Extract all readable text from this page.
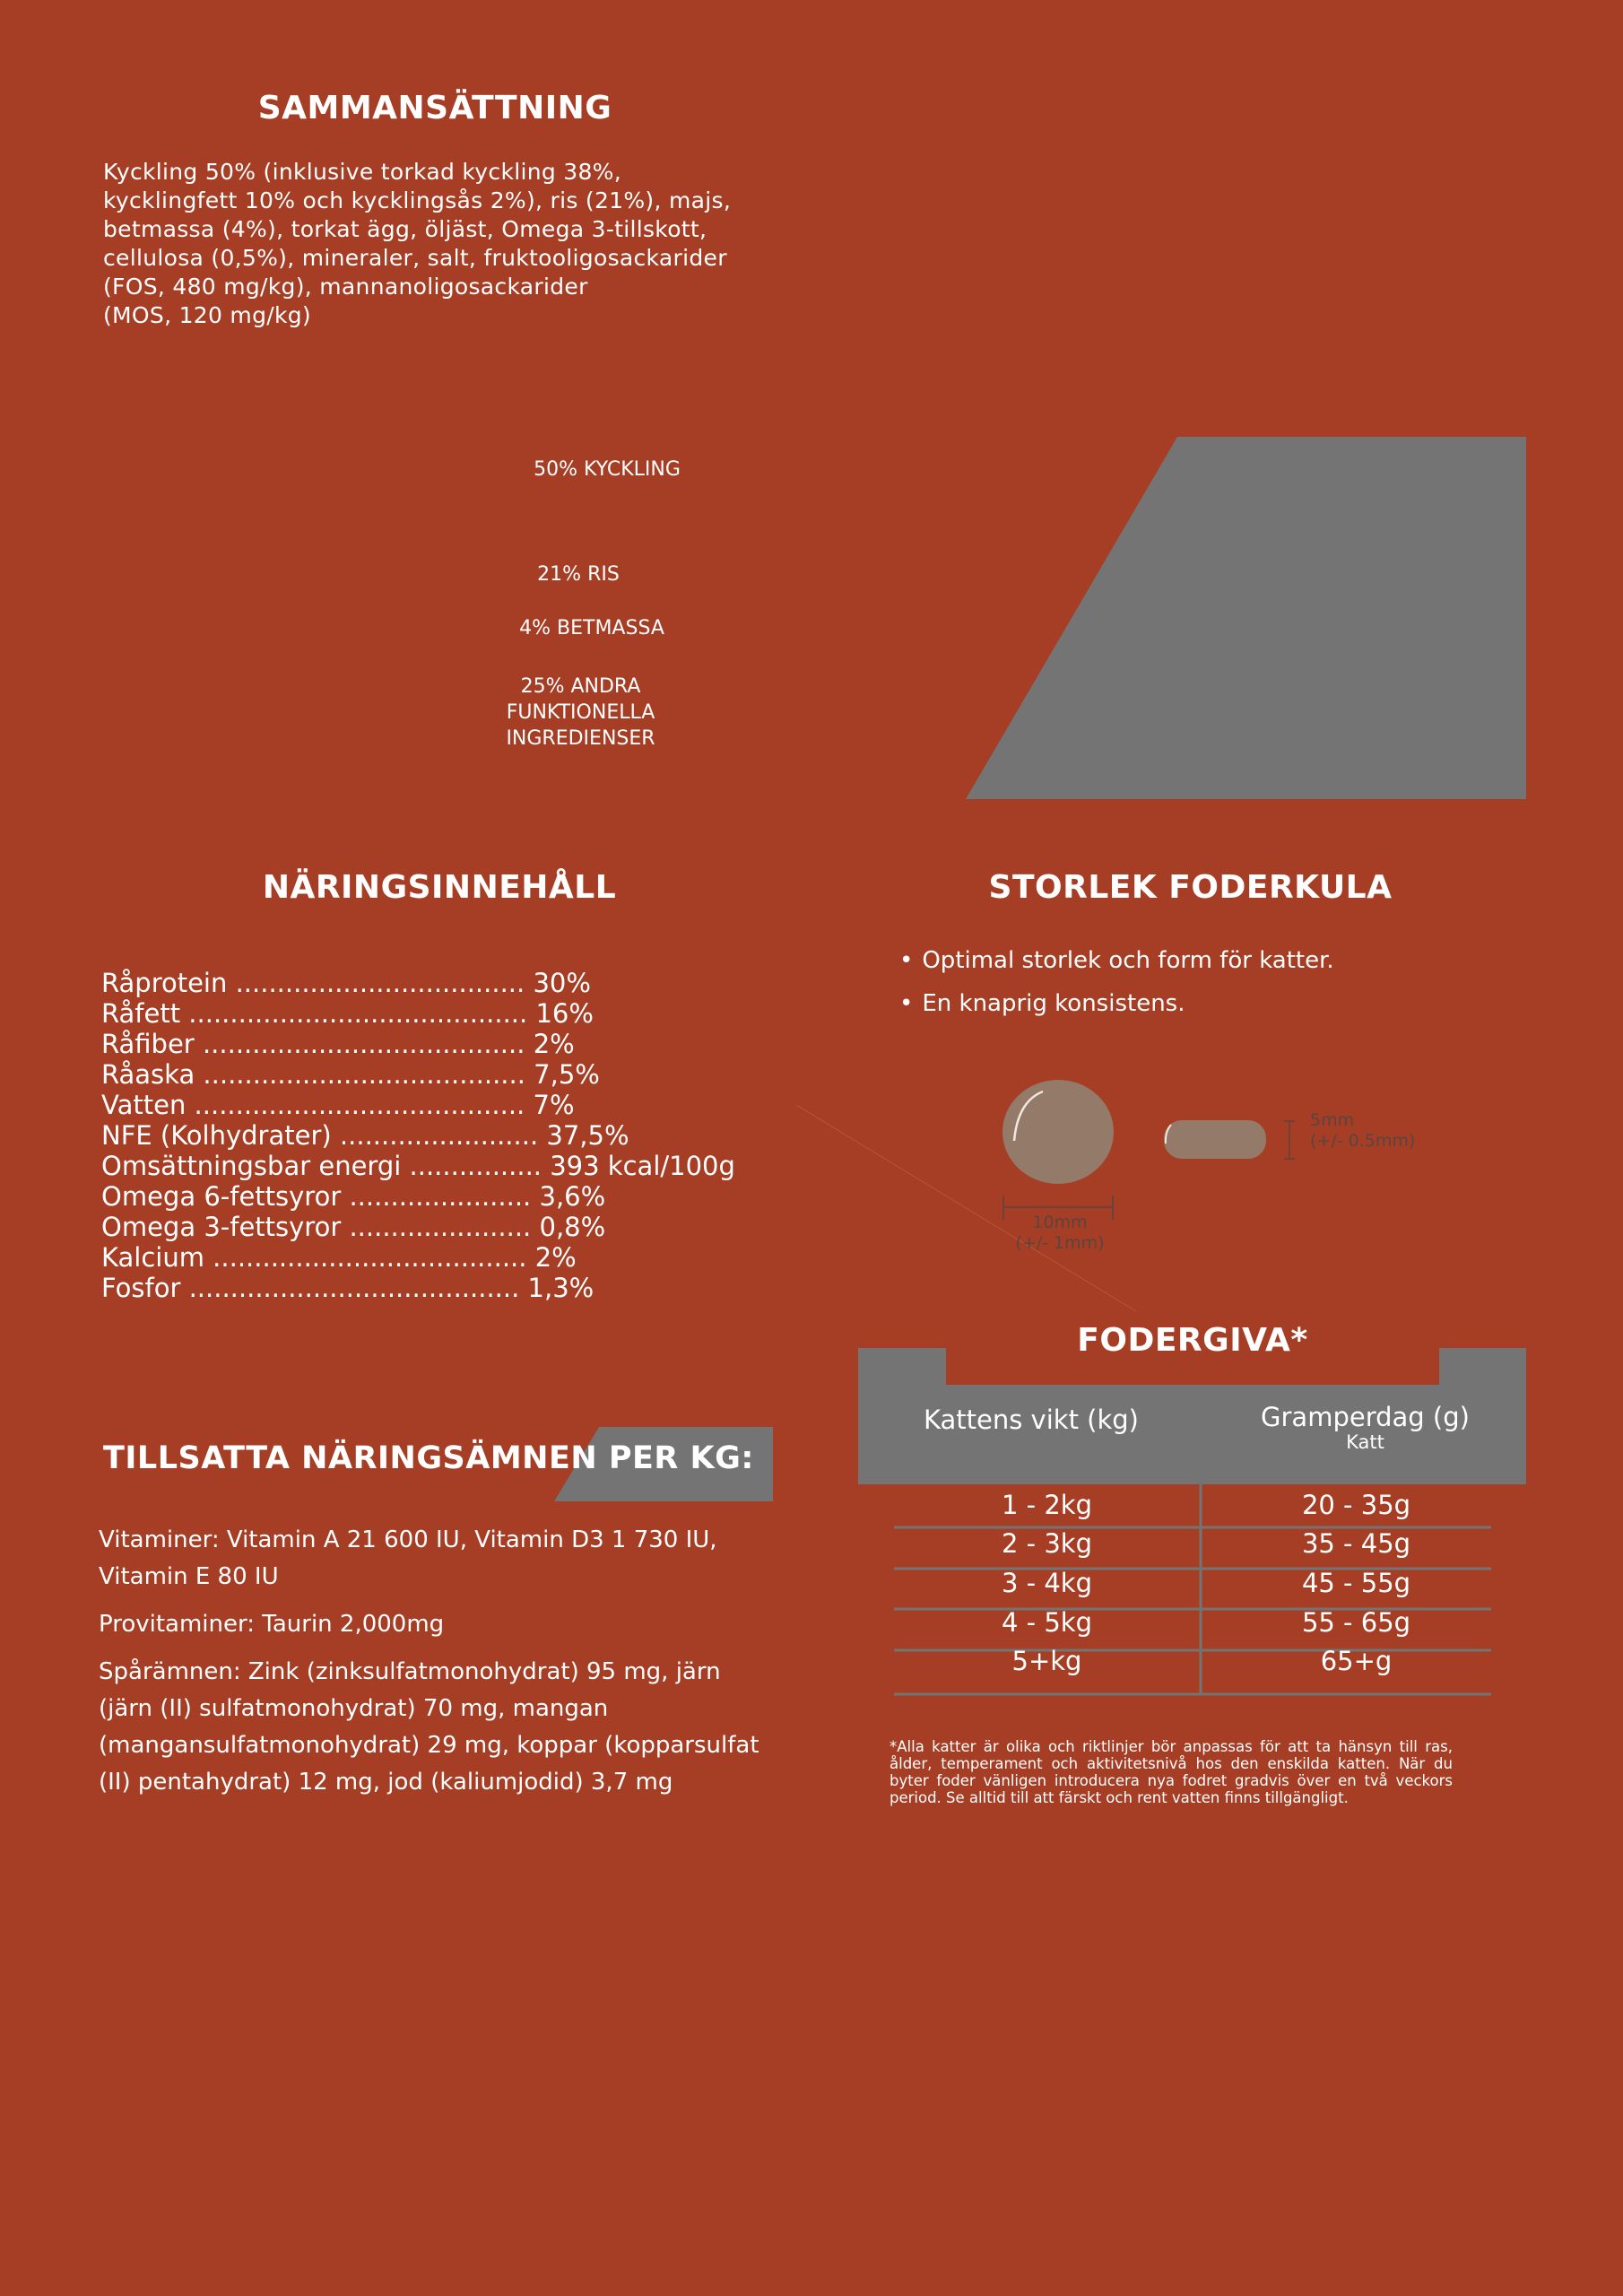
SAMMANSÄTTNING
Kyckling 50% (inklusive torkad kyckling 38%,
kycklingfett 10% och kycklingsås 2%), ris (21%), majs,
betmassa (4%), torkat ägg, öljäst, Omega 3-tillskott,
cellulosa (0,5%), mineraler, salt, fruktooligosackarider
(FOS, 480 mg/kg), mannanoligosackarider
(MOS, 120 mg/kg)
50% KYCKLING
21% RIS
4% BETMASSA
25% ANDRA
FUNKTIONELLA
INGREDIENSER
NÄRINGSINNEHÅLL
Råprotein ................................... 30%
Råfett ......................................... 16%
Råfiber ....................................... 2%
Råaska ....................................... 7,5%
Vatten ........................................ 7%
NFE (Kolhydrater) ........................ 37,5%
Omsättningsbar energi ................ 393 kcal/100g
Omega 6-fettsyror ...................... 3,6%
Omega 3-fettsyror ...................... 0,8%
Kalcium ...................................... 2%
Fosfor ........................................ 1,3%
STORLEK FODERKULA
• Optimal storlek och form för katter.
• En knaprig konsistens.
10mm
(+/- 1mm)
5mm
(+/- 0.5mm)
TILLSATTA NÄRINGSÄMNEN PER KG:

Vitaminer: Vitamin A 21 600 IU, Vitamin D3 1 730 IU, Vitamin E 80 IU

Provitaminer: Taurin 2,000mg

Spårämnen: Zink (zinksulfatmonohydrat) 95 mg, järn (järn (II) sulfatmonohydrat) 70 mg, mangan (mangansulfatmonohydrat) 29 mg, koppar (kopparsulfat (II) pentahydrat) 12 mg, jod (kaliumjodid) 3,7 mg

FODERGIVA*
Kattens vikt (kg)	Gramperdag (g)
Katt
1 - 2kg	20 - 35g
2 - 3kg	35 - 45g
3 - 4kg	45 - 55g
4 - 5kg	55 - 65g
5+kg	65+g
*Alla katter är olika och riktlinjer bör anpassas för att ta hänsyn till ras, ålder, temperament och aktivitetsnivå hos den enskilda katten. När du byter foder vänligen introducera nya fodret gradvis över en två veckors period. Se alltid till att färskt och rent vatten finns tillgängligt.
